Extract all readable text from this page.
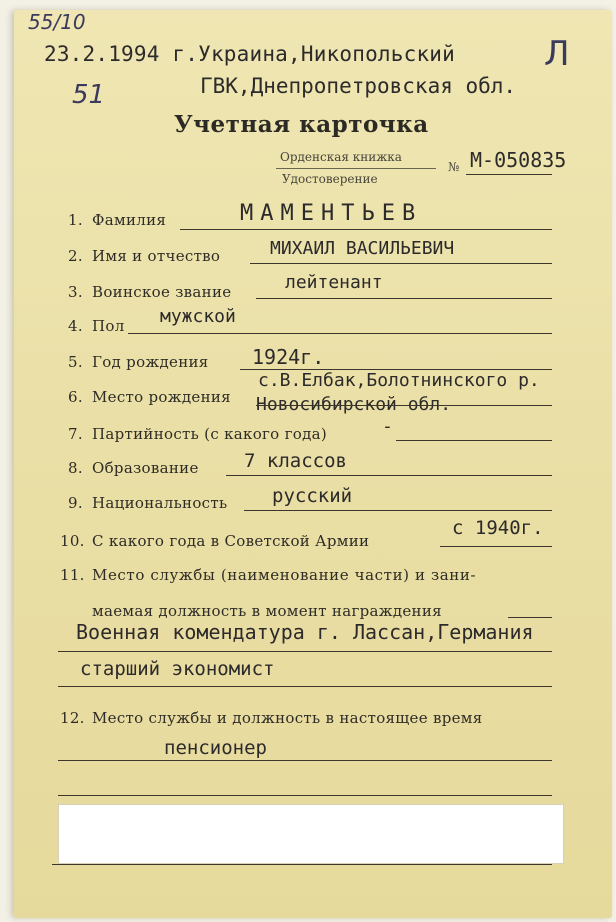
55/10
51
Л
23.2.1994 г.Украина,Никопольский
ГВК,Днепропетровская обл.
Учетная карточка
Орденская книжка
Удостоверение
№ М-050835
1. Фамилия	МАМЕНТЬЕВ
2. Имя и отчество	МИХАИЛ ВАСИЛЬЕВИЧ
3. Воинское звание	лейтенант
4. Пол мужской
5. Год рождения 1924г.
6. Место рождения
с.В.Елбак,Болотнинского р.
Новосибирской обл.
7. Партийность (с какого года)	-
8. Образование 7 классов
9. Национальность русский
10. С какого года в Советской Армии
с 1940г.
11. Место службы (наименование части) и зани-
маемая должность в момент награждения
Военная комендатура г. Лассан,Германия
старший экономист
12. Место службы и должность в настоящее время
пенсионер
